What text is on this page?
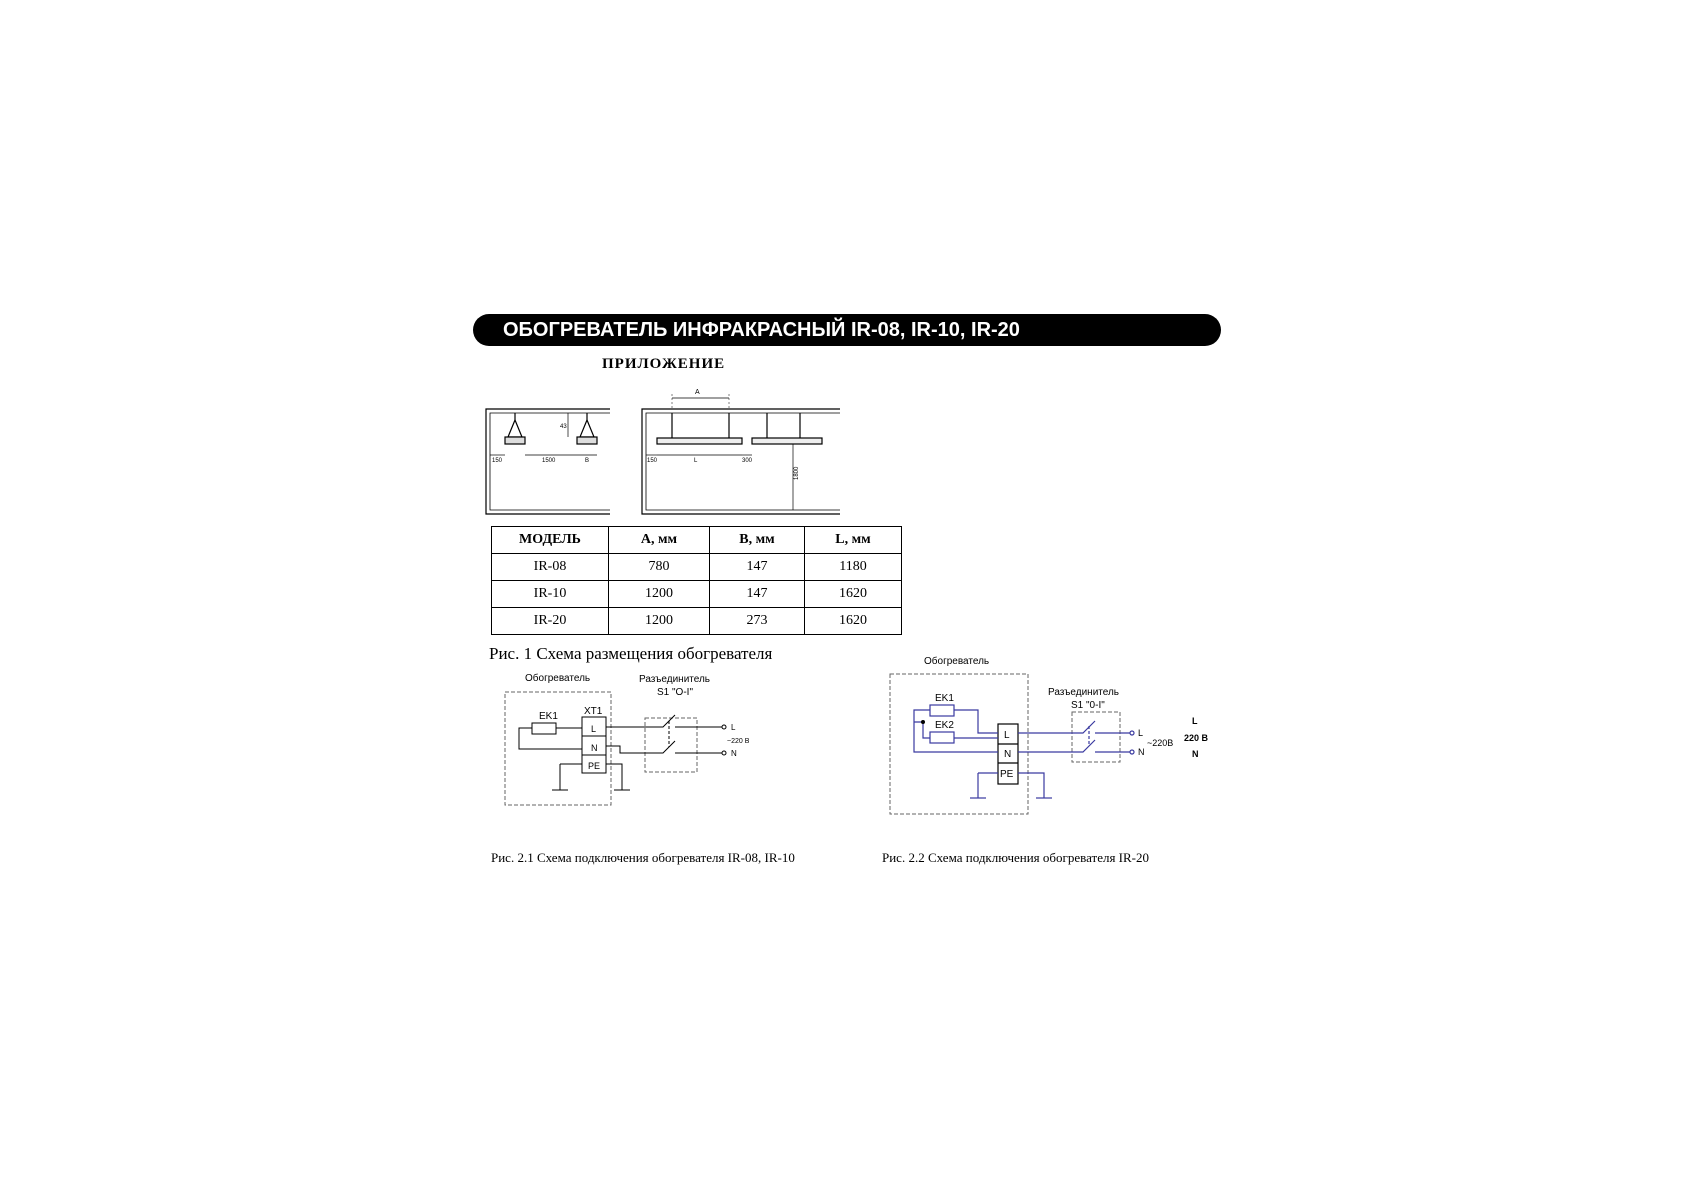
ОБОГРЕВАТЕЛЬ ИНФРАКРАСНЫЙ IR-08, IR-10, IR-20
ПРИЛОЖЕНИЕ
150	1500	B
43
A
150	L	300
1800
МОДЕЛЬ	A, мм	B, мм	L, мм
IR-08	780	147	1180
IR-10	1200	147	1620
IR-20	1200	273	1620
Рис. 1 Схема размещения обогревателя
Обогреватель	Разъединитель
S1 "O-I"
EK1	XT1
L
N
PE
L
~220 В
N
Обогреватель
Разъединитель
S1 "0-I"
EK1
EK2
L
N
PE
L
~220В
N
L
220 В
N
Рис. 2.1 Схема подключения обогревателя IR-08, IR-10	Рис. 2.2 Схема подключения обогревателя IR-20
